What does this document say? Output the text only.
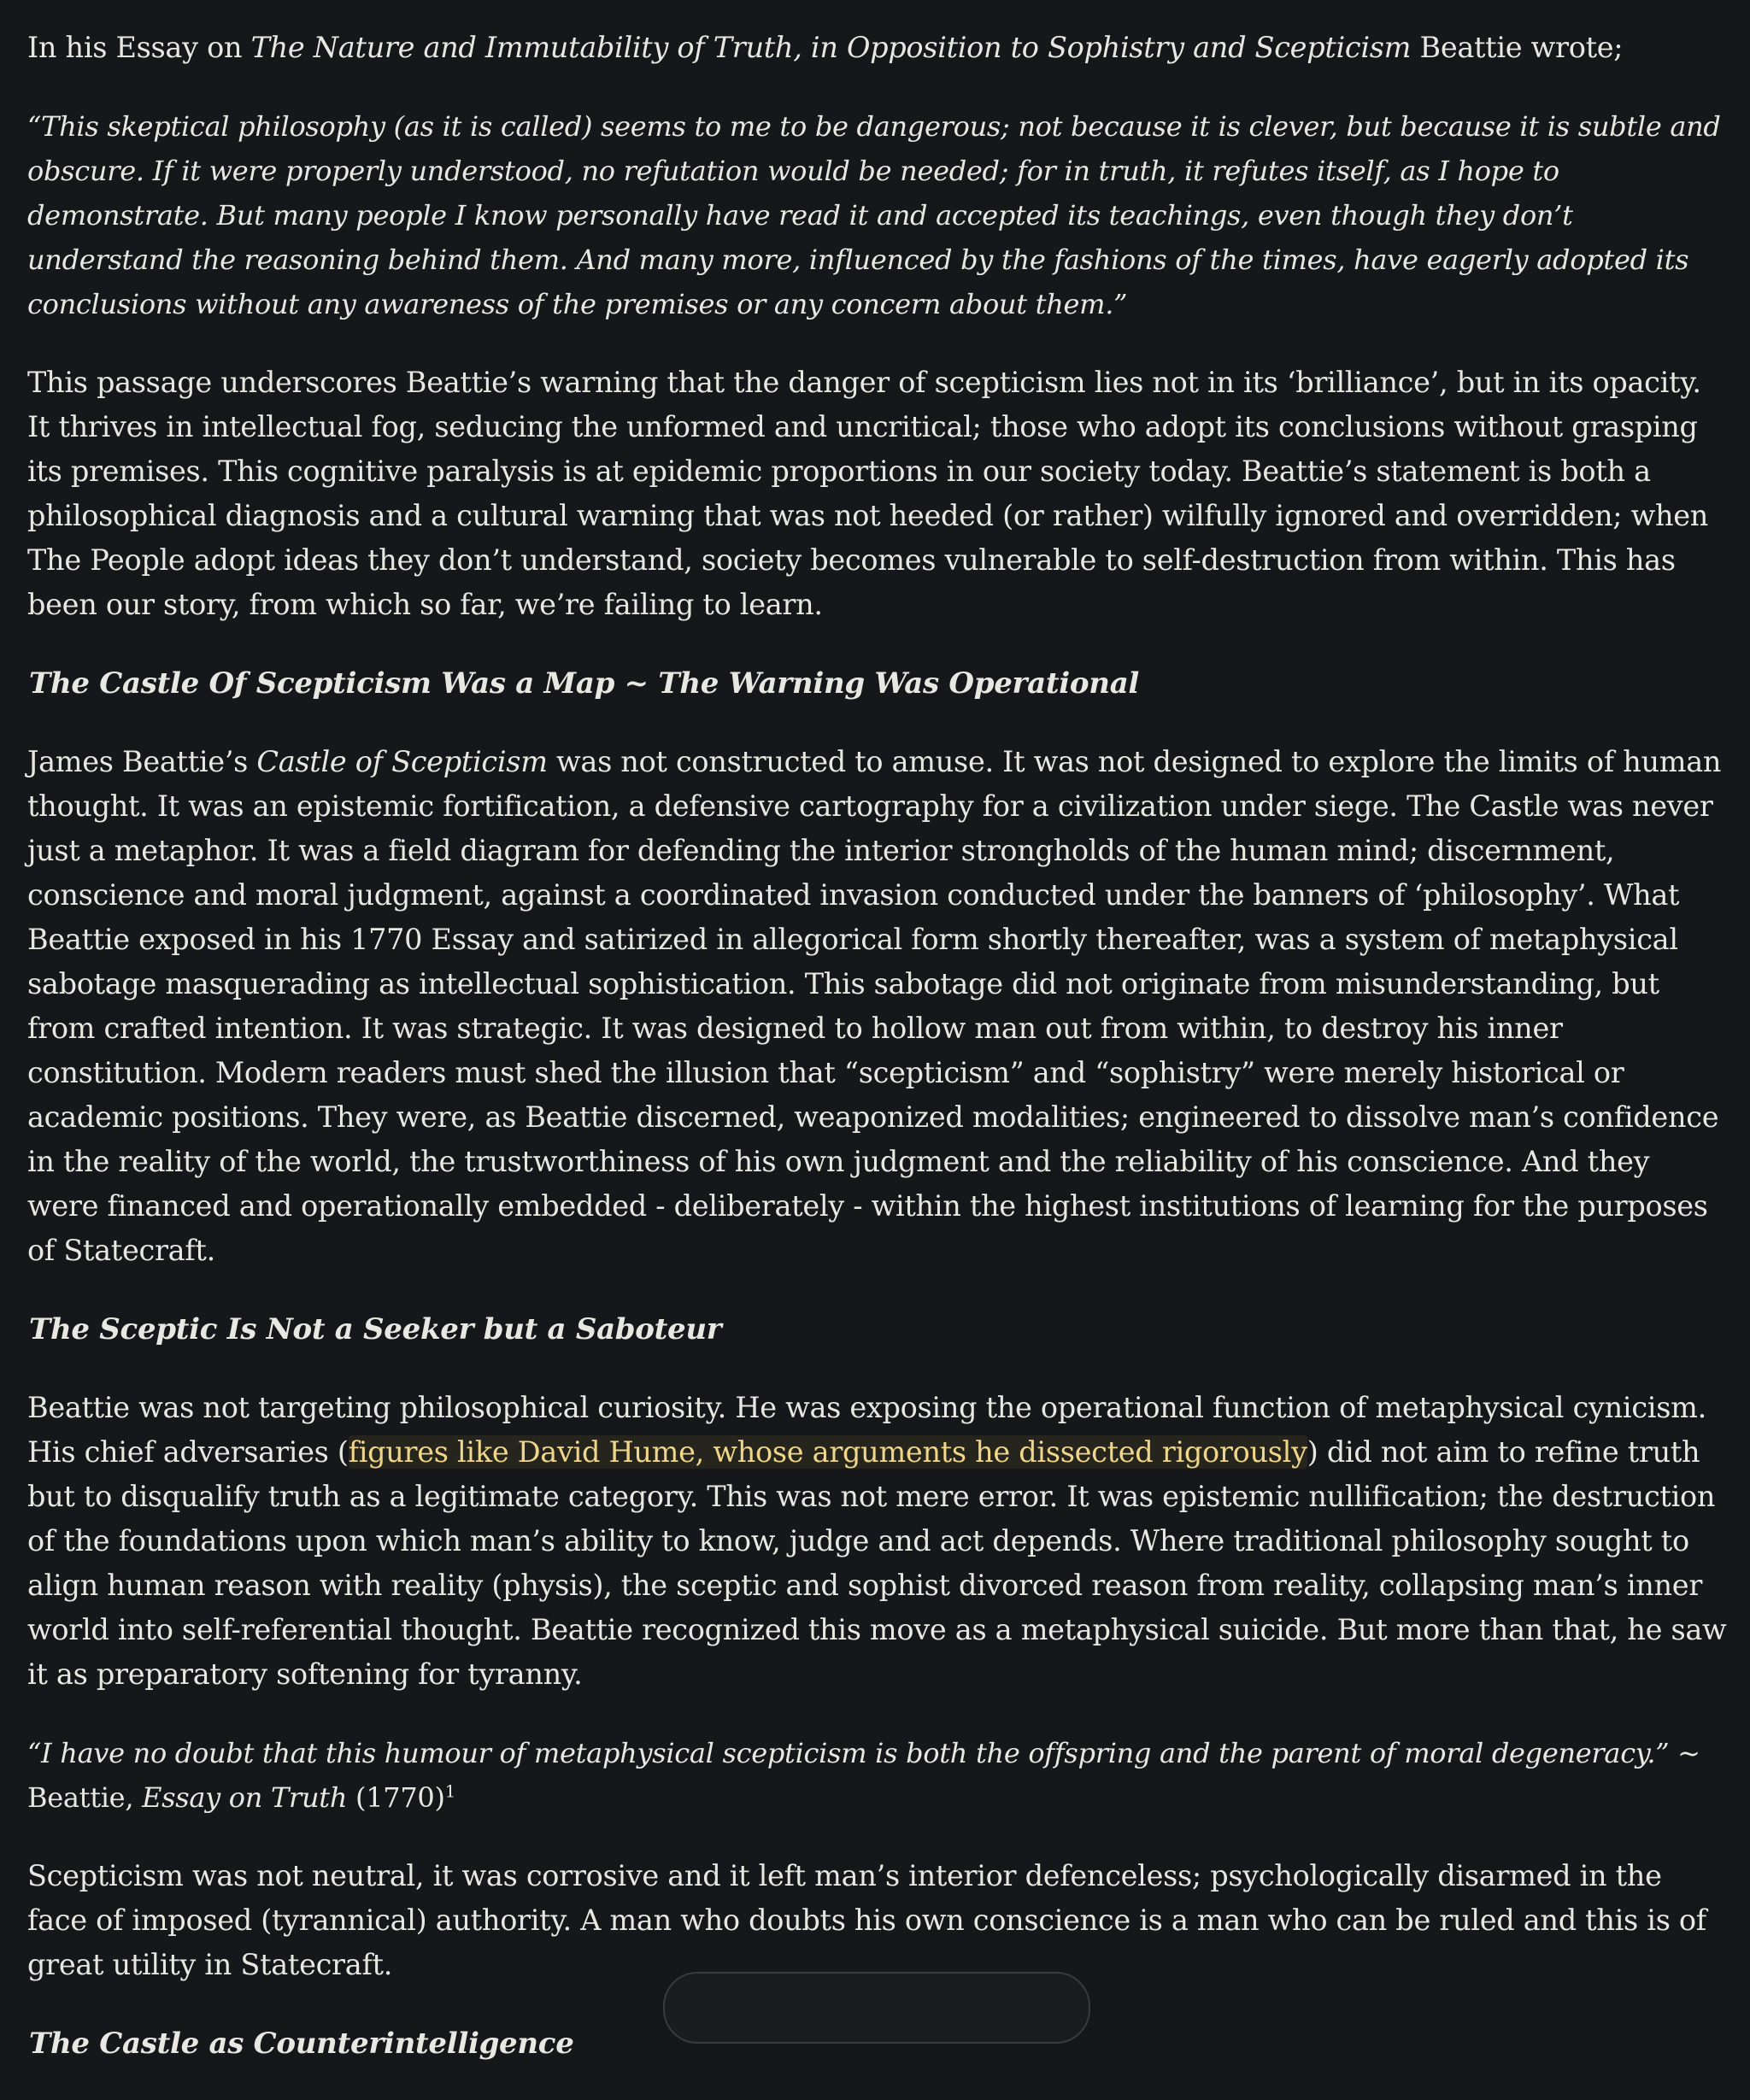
In his Essay on The Nature and Immutability of Truth, in Opposition to Sophistry and Scepticism Beattie wrote;

“This skeptical philosophy (as it is called) seems to me to be dangerous; not because it is clever, but because it is subtle and obscure. If it were properly understood, no refutation would be needed; for in truth, it refutes itself, as I hope to demonstrate. But many people I know personally have read it and accepted its teachings, even though they don’t understand the reasoning behind them. And many more, influenced by the fashions of the times, have eagerly adopted its conclusions without any awareness of the premises or any concern about them.”

This passage underscores Beattie’s warning that the danger of scepticism lies not in its ‘brilliance’, but in its opacity. It thrives in intellectual fog, seducing the unformed and uncritical; those who adopt its conclusions without grasping its premises. This cognitive paralysis is at epidemic proportions in our society today. Beattie’s statement is both a philosophical diagnosis and a cultural warning that was not heeded (or rather) wilfully ignored and overridden; when The People adopt ideas they don’t understand, society becomes vulnerable to self-destruction from within. This has been our story, from which so far, we’re failing to learn.

The Castle Of Scepticism Was a Map ~ The Warning Was Operational

James Beattie’s Castle of Scepticism was not constructed to amuse. It was not designed to explore the limits of human thought. It was an epistemic fortification, a defensive cartography for a civilization under siege. The Castle was never just a metaphor. It was a field diagram for defending the interior strongholds of the human mind; discernment, conscience and moral judgment, against a coordinated invasion conducted under the banners of ‘philosophy’. What Beattie exposed in his 1770 Essay and satirized in allegorical form shortly thereafter, was a system of metaphysical sabotage masquerading as intellectual sophistication. This sabotage did not originate from misunderstanding, but from crafted intention. It was strategic. It was designed to hollow man out from within, to destroy his inner constitution. Modern readers must shed the illusion that “scepticism” and “sophistry” were merely historical or academic positions. They were, as Beattie discerned, weaponized modalities; engineered to dissolve man’s confidence in the reality of the world, the trustworthiness of his own judgment and the reliability of his conscience. And they were financed and operationally embedded - deliberately - within the highest institutions of learning for the purposes of Statecraft.

The Sceptic Is Not a Seeker but a Saboteur

Beattie was not targeting philosophical curiosity. He was exposing the operational function of metaphysical cynicism. His chief adversaries (figures like David Hume, whose arguments he dissected rigorously) did not aim to refine truth but to disqualify truth as a legitimate category. This was not mere error. It was epistemic nullification; the destruction of the foundations upon which man’s ability to know, judge and act depends. Where traditional philosophy sought to align human reason with reality (physis), the sceptic and sophist divorced reason from reality, collapsing man’s inner world into self-referential thought. Beattie recognized this move as a metaphysical suicide. But more than that, he saw it as preparatory softening for tyranny.

“I have no doubt that this humour of metaphysical scepticism is both the offspring and the parent of moral degeneracy.” ~ Beattie, Essay on Truth $(1770)^1$

Scepticism was not neutral, it was corrosive and it left man’s interior defenceless; psychologically disarmed in the face of imposed (tyrannical) authority. A man who doubts his own conscience is a man who can be ruled and this is of great utility in Statecraft.

The Castle as Counterintelligence
